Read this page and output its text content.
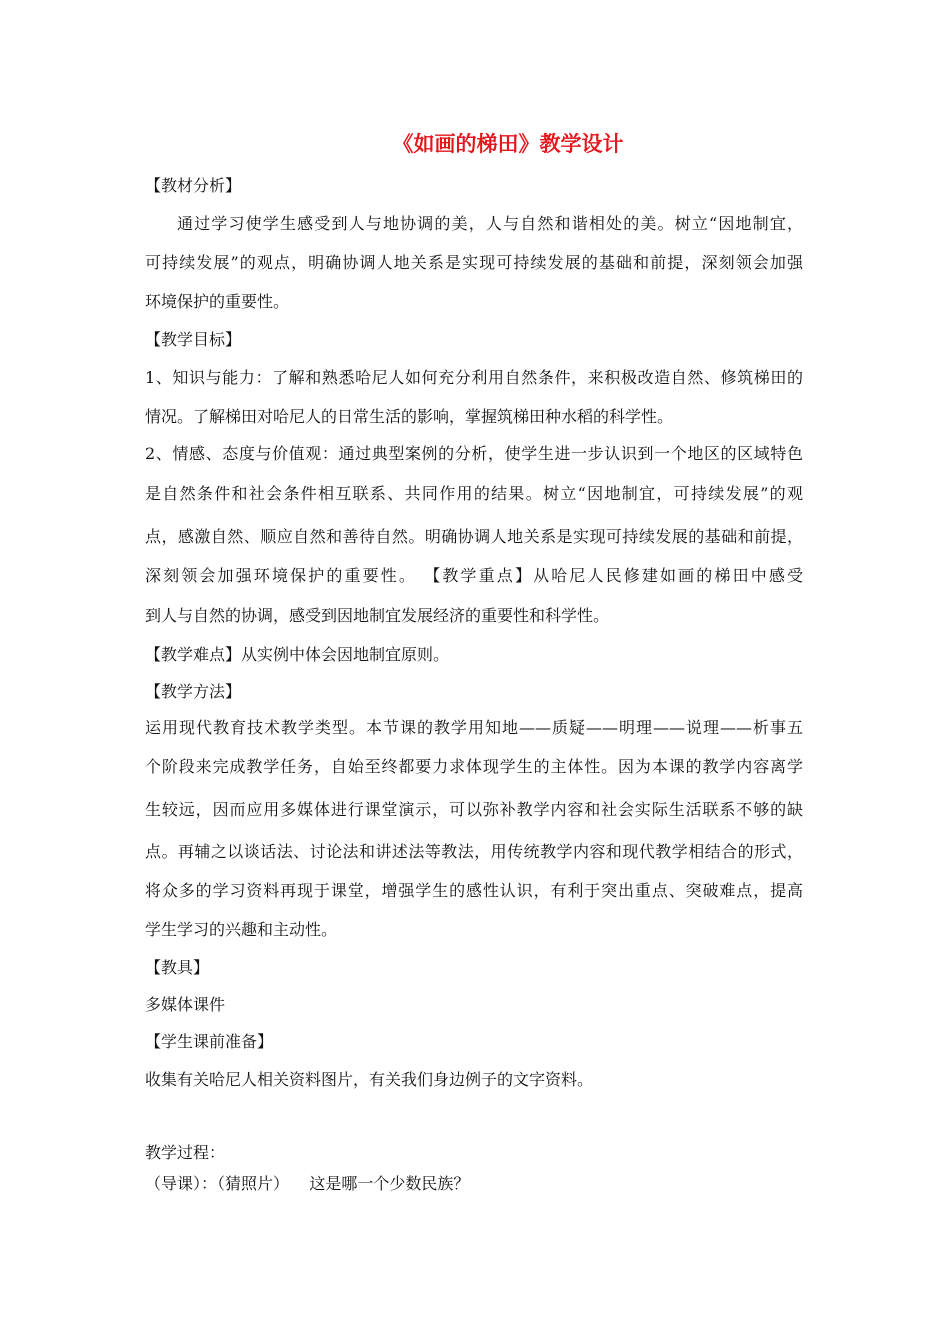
《如画的梯田》教学设计
【教材分析】
通过学习使学生感受到人与地协调的美，人与自然和谐相处的美。树立“因地制宜，
可持续发展”的观点，明确协调人地关系是实现可持续发展的基础和前提，深刻领会加强
环境保护的重要性。
【教学目标】
1、知识与能力：了解和熟悉哈尼人如何充分利用自然条件，来积极改造自然、修筑梯田的
情况。了解梯田对哈尼人的日常生活的影响，掌握筑梯田种水稻的科学性。
2、情感、态度与价值观：通过典型案例的分析，使学生进一步认识到一个地区的区域特色
是自然条件和社会条件相互联系、共同作用的结果。树立“因地制宜，可持续发展”的观
点，感激自然、顺应自然和善待自然。明确协调人地关系是实现可持续发展的基础和前提，
深刻领会加强环境保护的重要性。 【教学重点】从哈尼人民修建如画的梯田中感受
到人与自然的协调，感受到因地制宜发展经济的重要性和科学性。
【教学难点】从实例中体会因地制宜原则。
【教学方法】
运用现代教育技术教学类型。本节课的教学用知地——质疑——明理——说理——析事五
个阶段来完成教学任务，自始至终都要力求体现学生的主体性。因为本课的教学内容离学
生较远，因而应用多媒体进行课堂演示，可以弥补教学内容和社会实际生活联系不够的缺
点。再辅之以谈话法、讨论法和讲述法等教法，用传统教学内容和现代教学相结合的形式，
将众多的学习资料再现于课堂，增强学生的感性认识，有利于突出重点、突破难点，提高
学生学习的兴趣和主动性。
【教具】
多媒体课件
【学生课前准备】
收集有关哈尼人相关资料图片，有关我们身边例子的文字资料。
教学过程：
（导课）：（猜照片）    这是哪一个少数民族？
